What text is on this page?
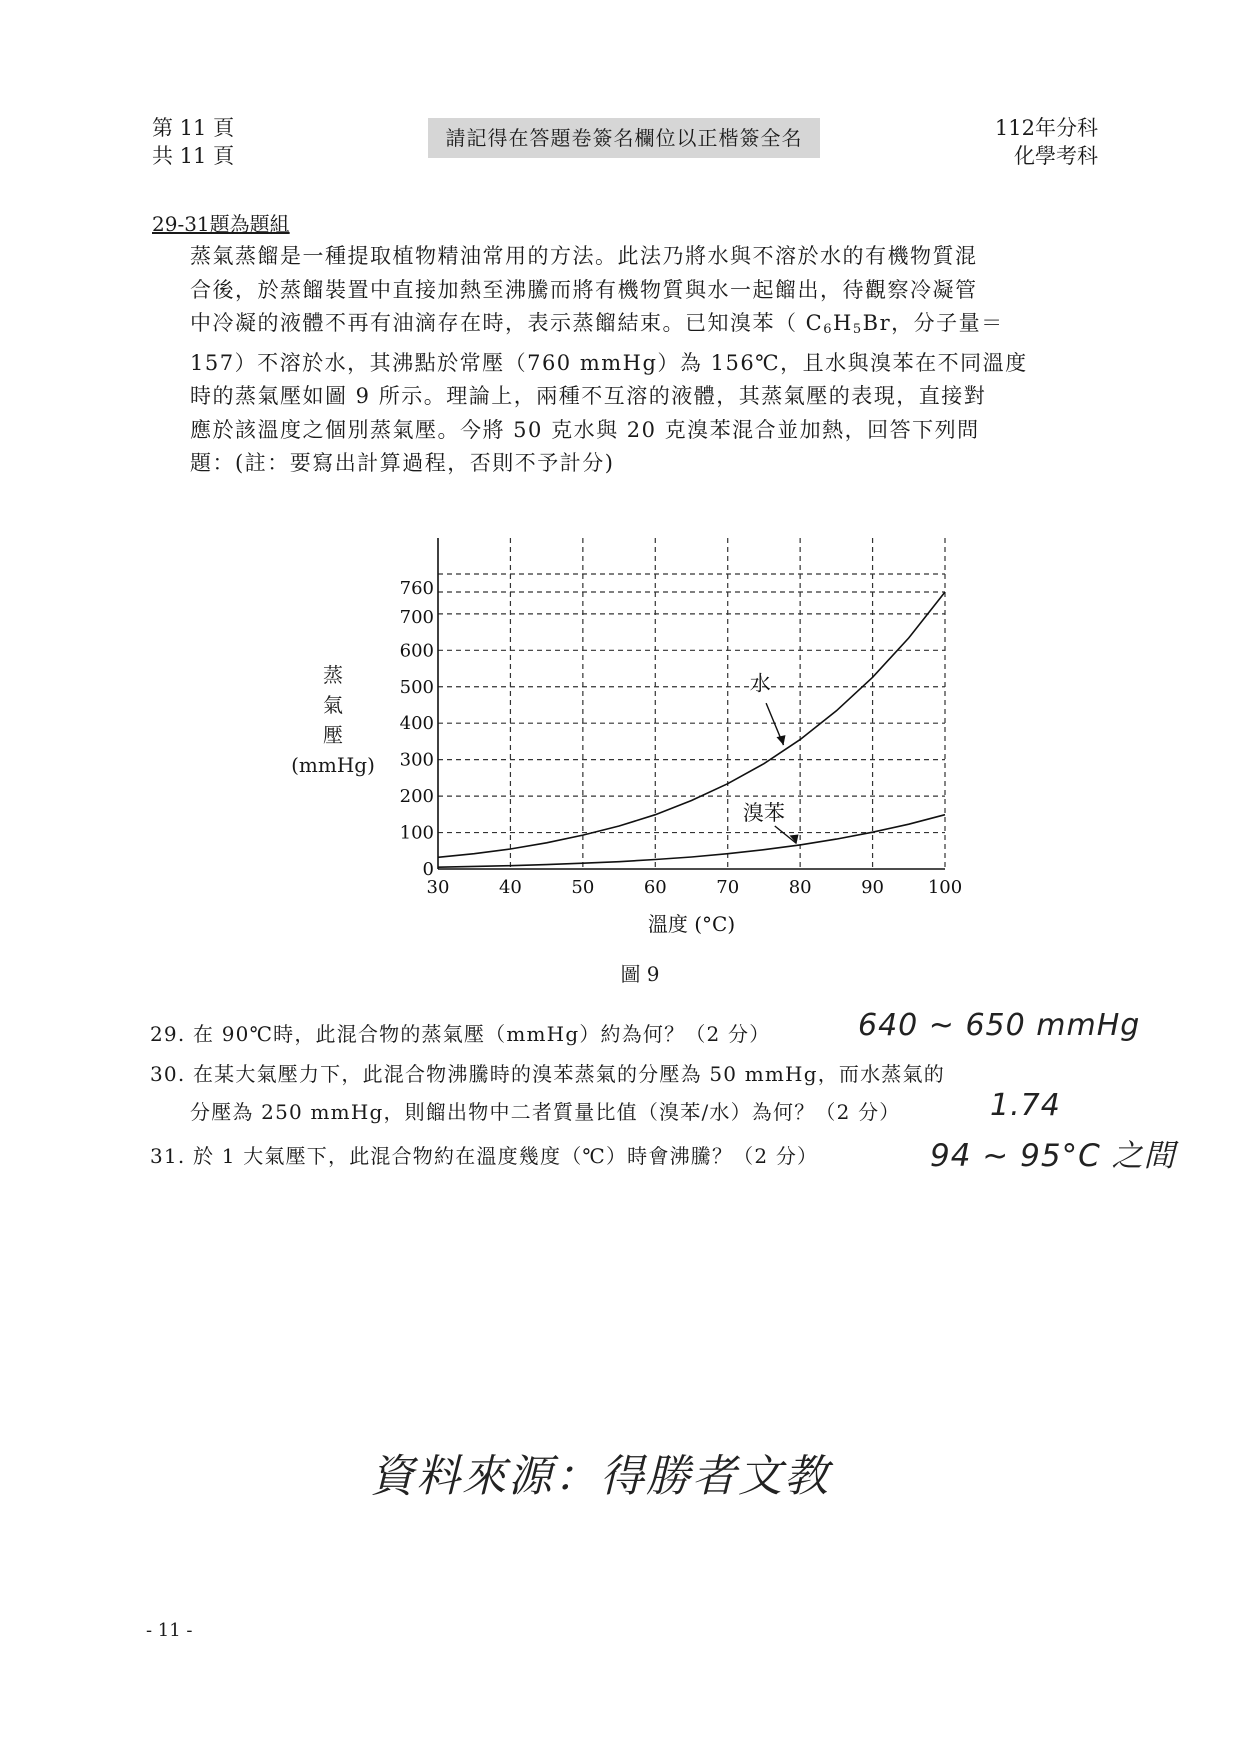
第 11 頁
共 11 頁
請記得在答題卷簽名欄位以正楷簽全名	112年分科
化學考科
29-31題為題組

蒸氣蒸餾是一種提取植物精油常用的方法。此法乃將水與不溶於水的有機物質混

合後，於蒸餾裝置中直接加熱至沸騰而將有機物質與水一起餾出，待觀察冷凝管

中冷凝的液體不再有油滴存在時，表示蒸餾結束。已知溴苯（ $C_6H_5Br$，分子量＝

157）不溶於水，其沸點於常壓（760 mmHg）為 156℃，且水與溴苯在不同溫度

時的蒸氣壓如圖 9 所示。理論上，兩種不互溶的液體，其蒸氣壓的表現，直接對

應於該溫度之個別蒸氣壓。今將 50 克水與 20 克溴苯混合並加熱，回答下列問

題：(註：要寫出計算過程，否則不予計分)

蒸
氣
壓
(mmHg)
30	40	50	60	70	80	90 100
0
100
200
300
400
500
600
700
760
溫度 (°C)
水
溴苯
圖 9
29. 在 90℃時，此混合物的蒸氣壓（mmHg）約為何？（2 分）	640 ~ 650 mmHg
30. 在某大氣壓力下，此混合物沸騰時的溴苯蒸氣的分壓為 50 mmHg，而水蒸氣的
分壓為 250 mmHg，則餾出物中二者質量比值（溴苯/水）為何？（2 分）	1.74
31. 於 1 大氣壓下，此混合物約在溫度幾度（℃）時會沸騰？（2 分）	94 ~ 95°C 之間
資料來源：得勝者文教
- 11 -
